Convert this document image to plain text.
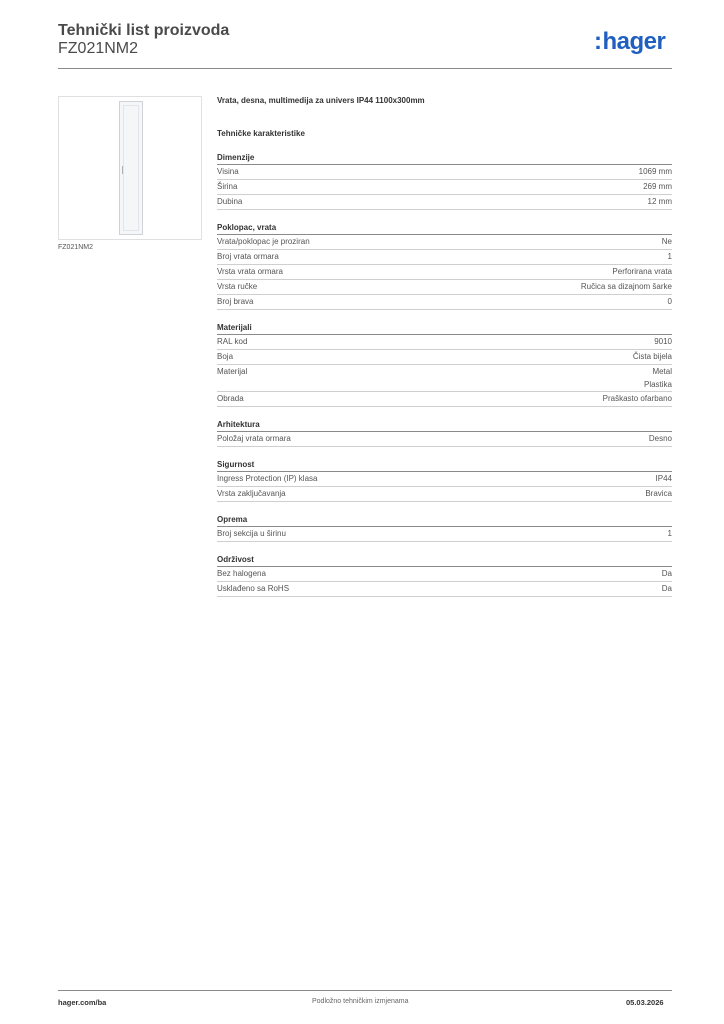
Tehnički list proizvoda
FZ021NM2	:hager
FZ021NM2
Vrata, desna, multimedija za univers IP44 1100x300mm
Tehničke karakteristike
Dimenzije
Visina	1069 mm
Širina	269 mm
Dubina	12 mm
Poklopac, vrata
Vrata/poklopac je proziran	Ne
Broj vrata ormara	1
Vrsta vrata ormara	Perforirana vrata
Vrsta ručke	Ručica sa dizajnom šarke
Broj brava	0
Materijali
RAL kod	9010
Boja	Čista bijela
Materijal	Metal
Plastika
Obrada	Praškasto ofarbano
Arhitektura
Položaj vrata ormara	Desno
Sigurnost
Ingress Protection (IP) klasa	IP44
Vrsta zaključavanja	Bravica
Oprema
Broj sekcija u širinu	1
Održivost
Bez halogena	Da
Usklađeno sa RoHS	Da
hager.com/ba	Podložno tehničkim izmjenama	05.03.2026
